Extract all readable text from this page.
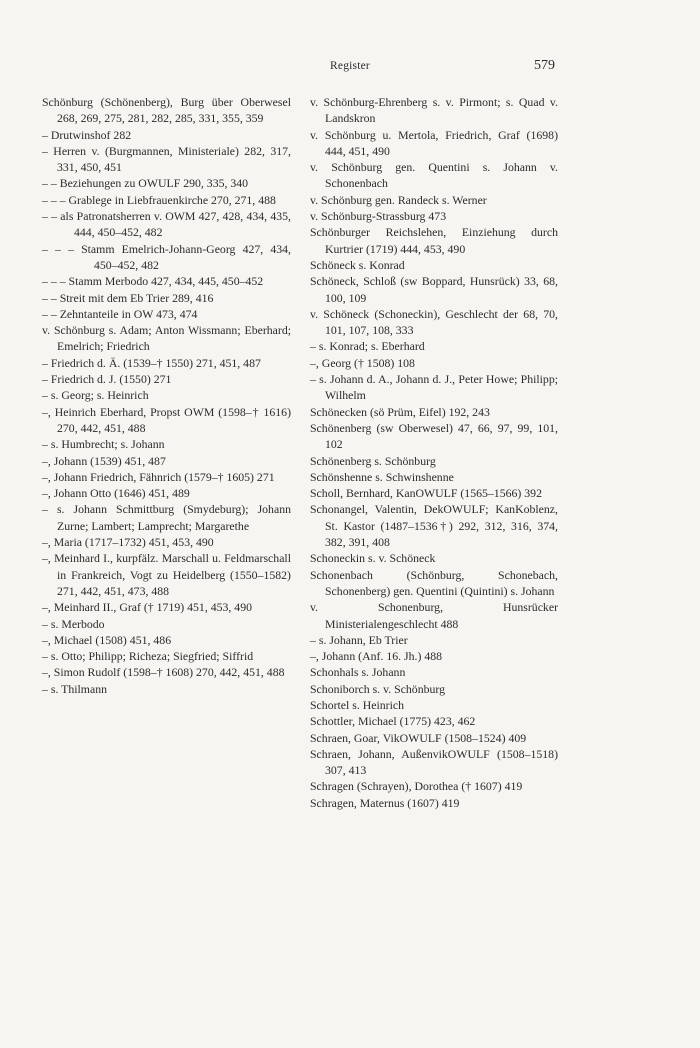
Register	579
Schönburg (Schönenberg), Burg über Oberwesel 268, 269, 275, 281, 282, 285, 331, 355, 359
– Drutwinshof 282
– Herren v. (Burgmannen, Ministeriale) 282, 317, 331, 450, 451
– – Beziehungen zu OWULF 290, 335, 340
– – – Grablege in Liebfrauenkirche 270, 271, 488
– – als Patronatsherren v. OWM 427, 428, 434, 435, 444, 450–452, 482
– – – Stamm Emelrich-Johann-Georg 427, 434, 450–452, 482
– – – Stamm Merbodo 427, 434, 445, 450–452
– – Streit mit dem Eb Trier 289, 416
– – Zehntanteile in OW 473, 474
v. Schönburg s. Adam; Anton Wissmann; Eberhard; Emelrich; Friedrich
– Friedrich d. Ä. (1539–† 1550) 271, 451, 487
– Friedrich d. J. (1550) 271
– s. Georg; s. Heinrich
–, Heinrich Eberhard, Propst OWM (1598–† 1616) 270, 442, 451, 488
– s. Humbrecht; s. Johann
–, Johann (1539) 451, 487
–, Johann Friedrich, Fähnrich (1579–† 1605) 271
–, Johann Otto (1646) 451, 489
– s. Johann Schmittburg (Smydeburg); Johann Zurne; Lambert; Lamprecht; Margarethe
–, Maria (1717–1732) 451, 453, 490
–, Meinhard I., kurpfälz. Marschall u. Feldmarschall in Frankreich, Vogt zu Heidelberg (1550–1582) 271, 442, 451, 473, 488
–, Meinhard II., Graf († 1719) 451, 453, 490
– s. Merbodo
–, Michael (1508) 451, 486
– s. Otto; Philipp; Richeza; Siegfried; Siffrid
–, Simon Rudolf (1598–† 1608) 270, 442, 451, 488
– s. Thilmann
v. Schönburg-Ehrenberg s. v. Pirmont; s. Quad v. Landskron
v. Schönburg u. Mertola, Friedrich, Graf (1698) 444, 451, 490
v. Schönburg gen. Quentini s. Johann v. Schonenbach
v. Schönburg gen. Randeck s. Werner
v. Schönburg-Strassburg 473
Schönburger Reichslehen, Einziehung durch Kurtrier (1719) 444, 453, 490
Schöneck s. Konrad
Schöneck, Schloß (sw Boppard, Hunsrück) 33, 68, 100, 109
v. Schöneck (Schoneckin), Geschlecht der 68, 70, 101, 107, 108, 333
– s. Konrad; s. Eberhard
–, Georg († 1508) 108
– s. Johann d. A., Johann d. J., Peter Howe; Philipp; Wilhelm
Schönecken (sö Prüm, Eifel) 192, 243
Schönenberg (sw Oberwesel) 47, 66, 97, 99, 101, 102
Schönenberg s. Schönburg
Schönshenne s. Schwinshenne
Scholl, Bernhard, KanOWULF (1565–1566) 392
Schonangel, Valentin, DekOWULF; KanKoblenz, St. Kastor (1487–1536†) 292, 312, 316, 374, 382, 391, 408
Schoneckin s. v. Schöneck
Schonenbach (Schönburg, Schonebach, Schonenberg) gen. Quentini (Quintini) s. Johann
v. Schonenburg, Hunsrücker Ministerialengeschlecht 488
– s. Johann, Eb Trier
–, Johann (Anf. 16. Jh.) 488
Schonhals s. Johann
Schoniborch s. v. Schönburg
Schortel s. Heinrich
Schottler, Michael (1775) 423, 462
Schraen, Goar, VikOWULF (1508–1524) 409
Schraen, Johann, AußenvikOWULF (1508–1518) 307, 413
Schragen (Schrayen), Dorothea († 1607) 419
Schragen, Maternus (1607) 419
